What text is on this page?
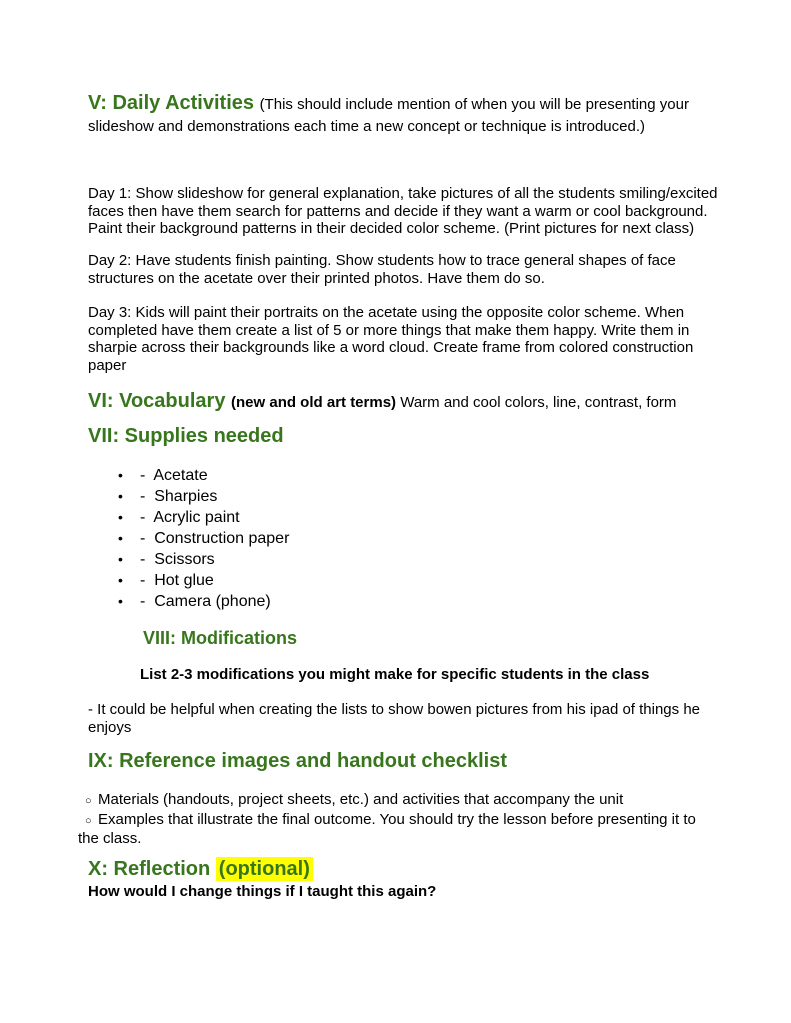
V: Daily Activities (This should include mention of when you will be presenting your
slideshow and demonstrations each time a new concept or technique is introduced.)
Day 1: Show slideshow for general explanation, take pictures of all the students smiling/excited
faces then have them search for patterns and decide if they want a warm or cool background.
Paint their background patterns in their decided color scheme. (Print pictures for next class)
Day 2: Have students finish painting. Show students how to trace general shapes of face
structures on the acetate over their printed photos. Have them do so.
Day 3: Kids will paint their portraits on the acetate using the opposite color scheme. When
completed have them create a list of 5 or more things that make them happy. Write them in
sharpie across their backgrounds like a word cloud. Create frame from colored construction
paper
VI: Vocabulary (new and old art terms) Warm and cool colors, line, contrast, form
VII: Supplies needed
• -  Acetate
• -  Sharpies
• -  Acrylic paint
• -  Construction paper
• -  Scissors
• -  Hot glue
• -  Camera (phone)
VIII: Modifications
List 2-3 modifications you might make for specific students in the class
- It could be helpful when creating the lists to show bowen pictures from his ipad of things he
enjoys
IX: Reference images and handout checklist
○ Materials (handouts, project sheets, etc.) and activities that accompany the unit
○ Examples that illustrate the final outcome. You should try the lesson before presenting it to
the class.
X: Reflection (optional)
How would I change things if I taught this again?
